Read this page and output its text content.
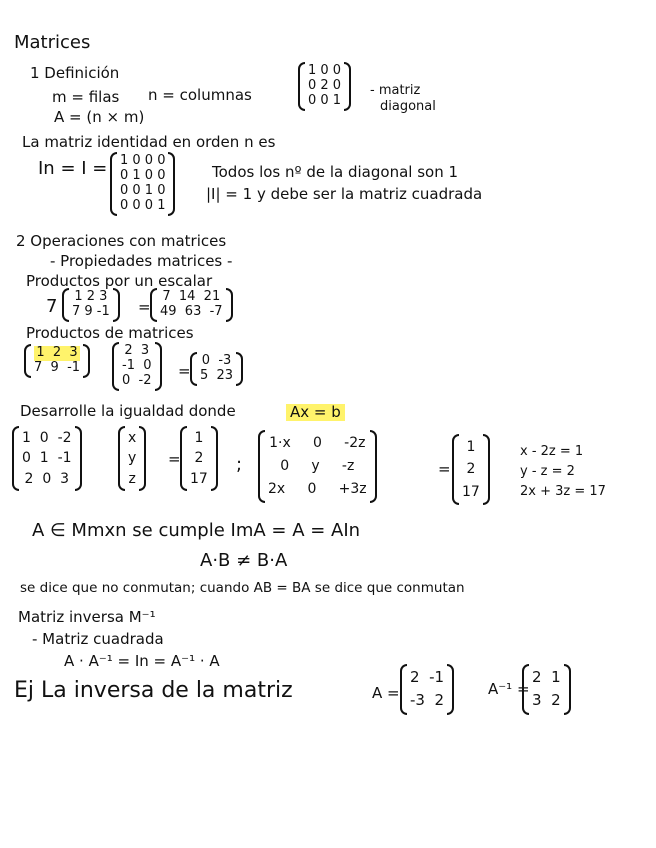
Matrices
1 Definición
m = filas n = columnas
A = (n × m)
1 0 0
0 2 0
0 0 1
- matriz
diagonal
La matriz identidad en orden n es
In = I = 1 0 0 0
0 1 0 0
0 0 1 0
0 0 0 1
Todos los nº de la diagonal son 1
|I| = 1 y debe ser la matriz cuadrada
2 Operaciones con matrices
- Propiedades matrices -
Productos por un escalar
7 1 2 3
7 9 -1 =
7  14  21
49  63  -7
Productos de matrices
1  2  3
7  9  -1
2  3
-1  0
0  -2
=
0  -3
5  23
Desarrolle la igualdad donde	Ax = b
1  0  -2
0  1  -1
2  0  3
x
y
z
=
1
2
17
;
1·x     0     -2z
0     y     -z
2x     0     +3z
=
1
2
17
x - 2z = 1
y - z = 2
2x + 3z = 17
A ∈ Mmxn se cumple ImA = A = AIn
A·B ≠ B·A
se dice que no conmutan; cuando AB = BA se dice que conmutan
Matriz inversa M⁻¹
- Matriz cuadrada
A · A⁻¹ = In = A⁻¹ · A
Ej La inversa de la matriz	A =
2  -1
-3  2
A⁻¹ =
2  1
3  2
